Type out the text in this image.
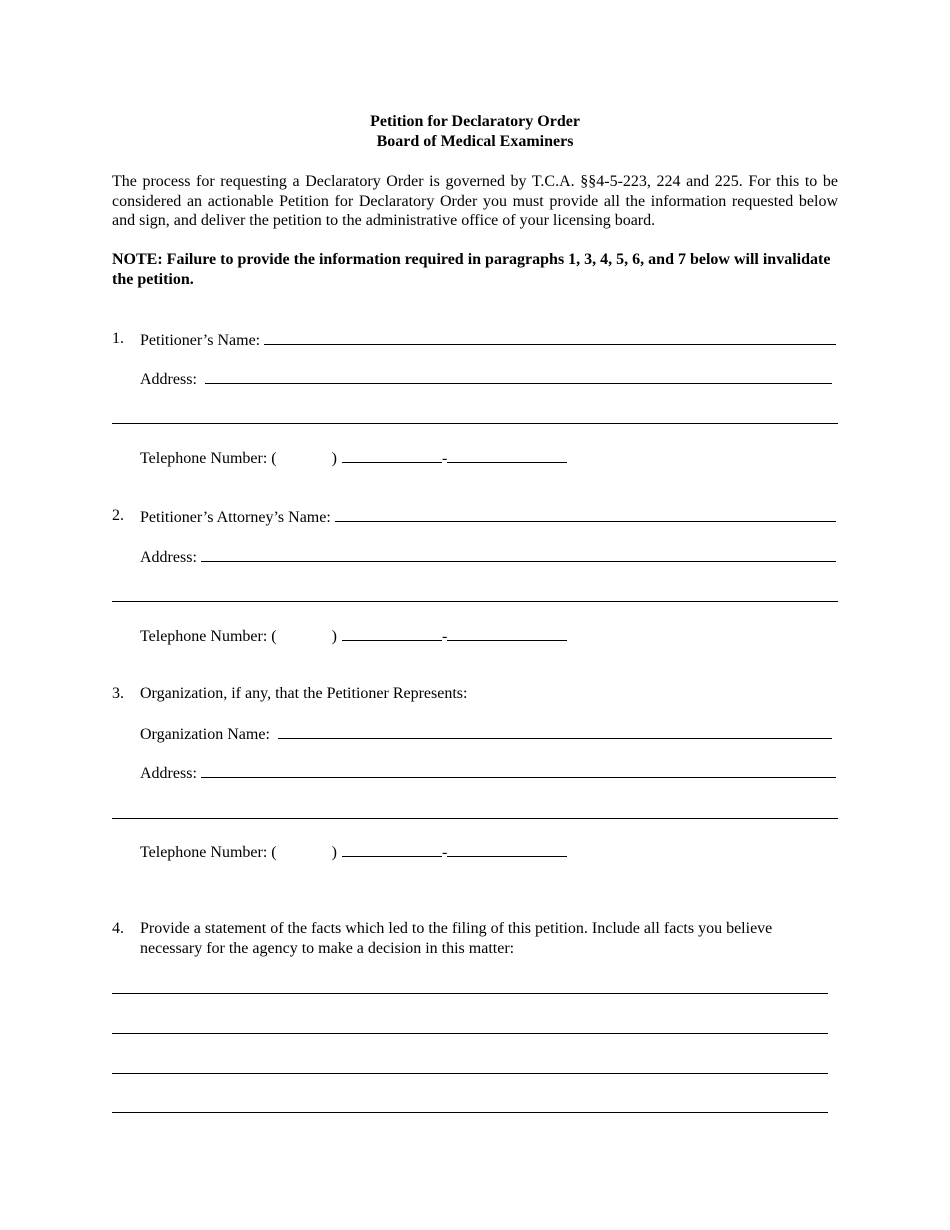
Petition for Declaratory Order
Board of Medical Examiners
The process for requesting a Declaratory Order is governed by T.C.A. §§4-5-223, 224 and 225. For this to be considered an actionable Petition for Declaratory Order you must provide all the information requested below and sign, and deliver the petition to the administrative office of your licensing board.
NOTE: Failure to provide the information required in paragraphs 1, 3, 4, 5, 6, and 7 below will invalidate the petition.
1. Petitioner’s Name:
Address:
Telephone Number: (	)	-
2. Petitioner’s Attorney’s Name:
Address:
Telephone Number: (	)	-
3. Organization, if any, that the Petitioner Represents:
Organization Name:
Address:
Telephone Number: (	)	-
4. Provide a statement of the facts which led to the filing of this petition. Include all facts you believe
necessary for the agency to make a decision in this matter:
